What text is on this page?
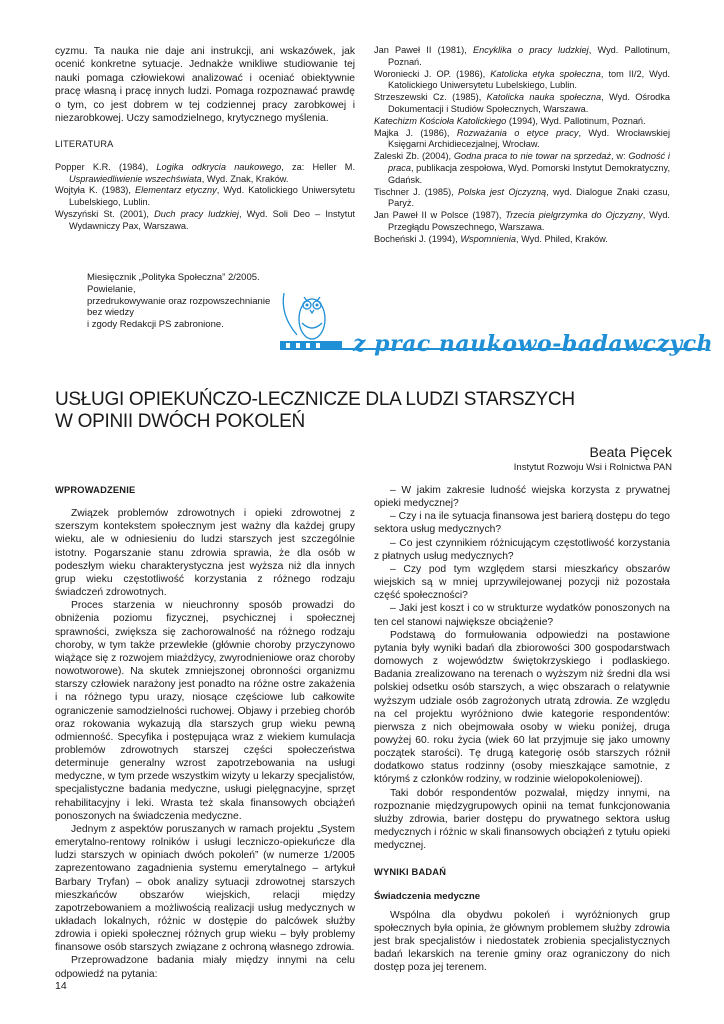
cyzmu. Ta nauka nie daje ani instrukcji, ani wskazówek, jak ocenić konkretne sytuacje. Jednakże wnikliwe studiowanie tej nauki pomaga człowiekowi analizować i oceniać obiektywnie pracę własną i pracę innych ludzi. Pomaga rozpoznawać prawdę o tym, co jest dobrem w tej codziennej pracy zarobkowej i niezarobkowej. Uczy samodzielnego, krytycznego myślenia.

LITERATURA
Popper K.R. (1984), Logika odkrycia naukowego, za: Heller M. Usprawiedliwienie wszechświata, Wyd. Znak, Kraków.
Wojtyła K. (1983), Elementarz etyczny, Wyd. Katolickiego Uniwersytetu Lubelskiego, Lublin.
Wyszyński St. (2001), Duch pracy ludzkiej, Wyd. Soli Deo – Instytut Wydawniczy Pax, Warszawa.
Jan Paweł II (1981), Encyklika o pracy ludzkiej, Wyd. Pallotinum, Poznań.
Woroniecki J. OP. (1986), Katolicka etyka społeczna, tom II/2, Wyd. Katolickiego Uniwersytetu Lubelskiego, Lublin.
Strzeszewski Cz. (1985), Katolicka nauka społeczna, Wyd. Ośrodka Dokumentacji i Studiów Społecznych, Warszawa.
Katechizm Kościoła Katolickiego (1994), Wyd. Pallotinum, Poznań.
Majka J. (1986), Rozważania o etyce pracy, Wyd. Wrocławskiej Księgarni Archidiecezjalnej, Wrocław.
Zaleski Zb. (2004), Godna praca to nie towar na sprzedaż, w: Godność i praca, publikacja zespołowa, Wyd. Pomorski Instytut Demokratyczny, Gdańsk.
Tischner J. (1985), Polska jest Ojczyzną, wyd. Dialogue Znaki czasu, Paryż.
Jan Paweł II w Polsce (1987), Trzecia pielgrzymka do Ojczyzny, Wyd. Przegłądu Powszechnego, Warszawa.
Bocheński J. (1994), Wspomnienia, Wyd. Philed, Kraków.
Miesięcznik „Polityka Społeczna” 2/2005.
Powielanie,
przedrukowywanie oraz rozpowszechnianie
bez wiedzy
i zgody Redakcji PS zabronione.
z prac naukowo-badawczych
USŁUGI OPIEKUŃCZO-LECZNICZE DLA LUDZI STARSZYCH
W OPINII DWÓCH POKOLEŃ
Beata Pięcek
Instytut Rozwoju Wsi i Rolnictwa PAN
WPROWADZENIE

Związek problemów zdrowotnych i opieki zdrowotnej z szerszym kontekstem społecznym jest ważny dla każdej grupy wieku, ale w odniesieniu do ludzi starszych jest szczególnie istotny. Pogarszanie stanu zdrowia sprawia, że dla osób w podeszłym wieku charakterystyczna jest wyższa niż dla innych grup wieku częstotliwość korzystania z różnego rodzaju świadczeń zdrowotnych.

Proces starzenia w nieuchronny sposób prowadzi do obniżenia poziomu fizycznej, psychicznej i społecznej sprawności, zwiększa się zachorowalność na różnego rodzaju choroby, w tym także przewlekłe (głównie choroby przyczynowo wiążące się z rozwojem miażdżycy, zwyrodnieniowe oraz choroby nowotworowe). Na skutek zmniejszonej obronności organizmu starszy człowiek narażony jest ponadto na różne ostre zakażenia i na różnego typu urazy, niosące częściowe lub całkowite ograniczenie samodzielności ruchowej. Objawy i przebieg chorób oraz rokowania wykazują dla starszych grup wieku pewną odmienność. Specyfika i postępująca wraz z wiekiem kumulacja problemów zdrowotnych starszej części społeczeństwa determinuje generalny wzrost zapotrzebowania na usługi medyczne, w tym przede wszystkim wizyty u lekarzy specjalistów, specjalistyczne badania medyczne, usługi pielęgnacyjne, sprzęt rehabilitacyjny i leki. Wrasta też skala finansowych obciążeń ponoszonych na świadczenia medyczne.

Jednym z aspektów poruszanych w ramach projektu „System emerytalno-rentowy rolników i usługi leczniczo-opiekuńcze dla ludzi starszych w opiniach dwóch pokoleń” (w numerze 1/2005 zaprezentowano zagadnienia systemu emerytalnego – artykuł Barbary Tryfan) – obok analizy sytuacji zdrowotnej starszych mieszkańców obszarów wiejskich, relacji między zapotrzebowaniem a możliwością realizacji usług medycznych w układach lokalnych, różnic w dostępie do palcówek służby zdrowia i opieki społecznej różnych grup wieku – były problemy finansowe osób starszych związane z ochroną własnego zdrowia.

Przeprowadzone badania miały między innymi na celu odpowiedź na pytania:

– W jakim zakresie ludność wiejska korzysta z prywatnej opieki medycznej?

– Czy i na ile sytuacja finansowa jest barierą dostępu do tego sektora usług medycznych?

– Co jest czynnikiem różnicującym częstotliwość korzystania z płatnych usług medycznych?

– Czy pod tym względem starsi mieszkańcy obszarów wiejskich są w mniej uprzywilejowanej pozycji niż pozostała część społeczności?

– Jaki jest koszt i co w strukturze wydatków ponoszonych na ten cel stanowi największe obciążenie?

Podstawą do formułowania odpowiedzi na postawione pytania były wyniki badań dla zbiorowości 300 gospodarstwach domowych z województw świętokrzyskiego i podlaskiego. Badania zrealizowano na terenach o wyższym niż średni dla wsi polskiej odsetku osób starszych, a więc obszarach o relatywnie wyższym udziale osób zagrożonych utratą zdrowia. Ze względu na cel projektu wyróżniono dwie kategorie respondentów: pierwsza z nich obejmowała osoby w wieku poniżej, druga powyżej 60. roku życia (wiek 60 lat przyjmuje się jako umowny początek starości). Tę drugą kategorię osób starszych różnił dodatkowo status rodzinny (osoby mieszkające samotnie, z którymś z członków rodziny, w rodzinie wielopokoleniowej).

Taki dobór respondentów pozwalał, między innymi, na rozpoznanie międzygrupowych opinii na temat funkcjonowania służby zdrowia, barier dostępu do prywatnego sektora usług medycznych i różnic w skali finansowych obciążeń z tytułu opieki medycznej.

WYNIKI BADAŃ
Świadczenia medyczne

Wspólna dla obydwu pokoleń i wyróżnionych grup społecznych była opinia, że głównym problemem służby zdrowia jest brak specjalistów i niedostatek zrobienia specjalistycznych badań lekarskich na terenie gminy oraz ograniczony do nich dostęp poza jej terenem.

14
